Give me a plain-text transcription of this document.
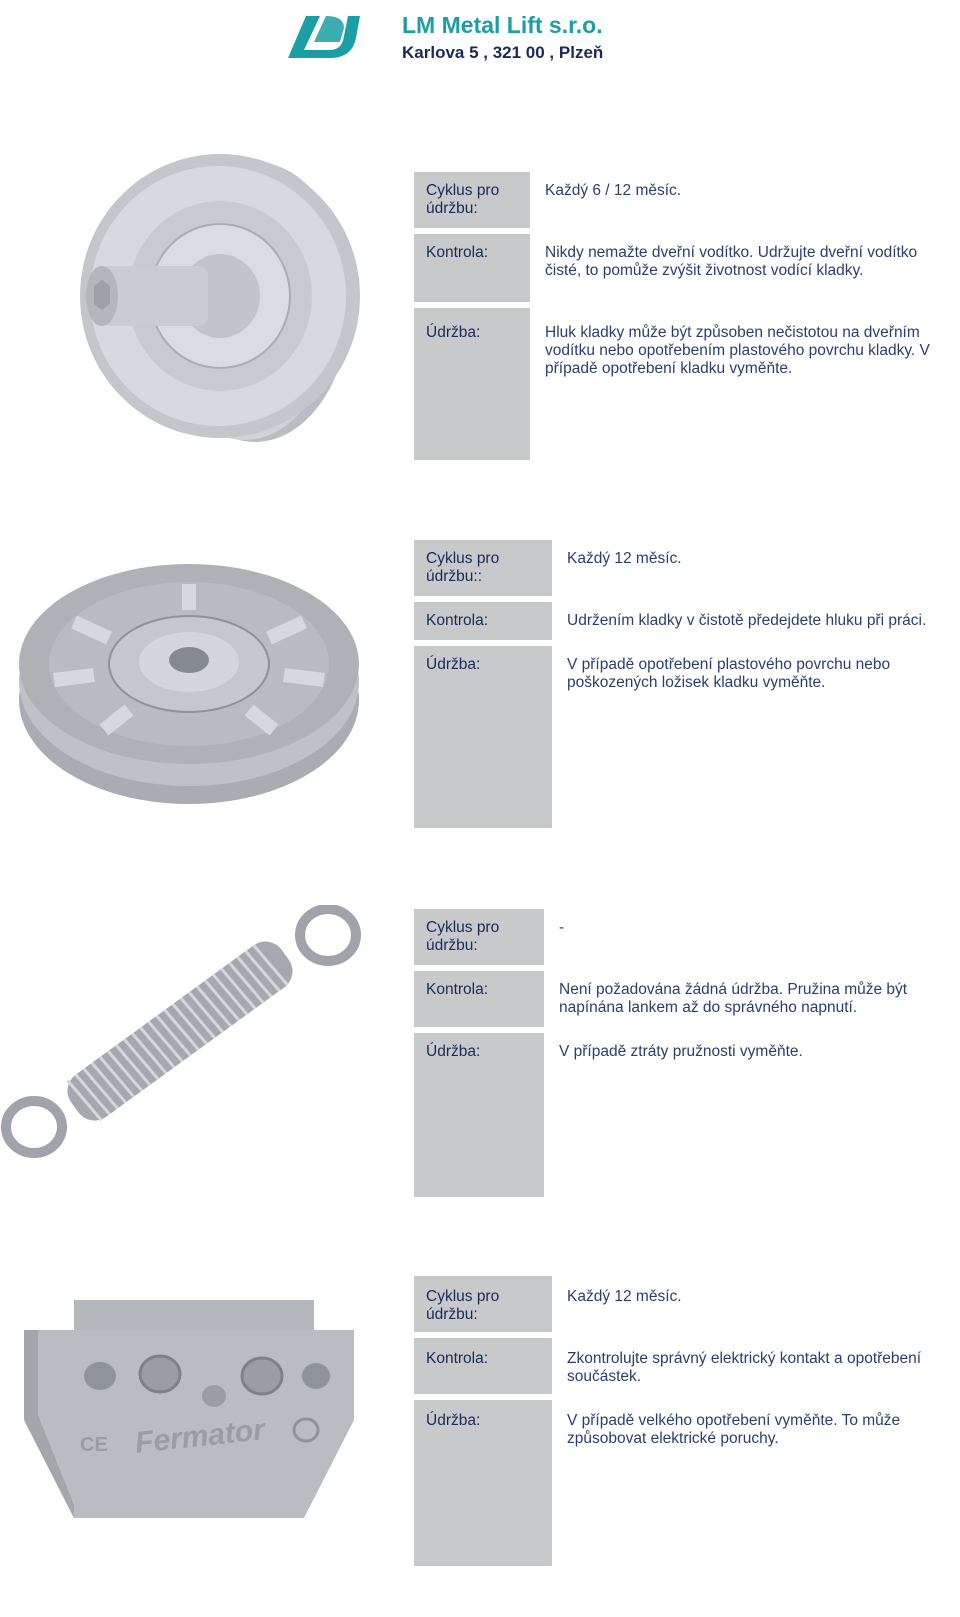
LM Metal Lift s.r.o.
Karlova 5 , 321 00 , Plzeň
Cyklus pro údržbu:
Kontrola:
Údržba:
Každý 6 / 12 měsíc.
Nikdy nemažte dveřní vodítko. Udržujte dveřní vodítko čisté, to pomůže zvýšit životnost vodící kladky.
Hluk kladky může být způsoben nečistotou na dveřním vodítku nebo opotřebením plastového povrchu kladky. V případě opotřebení kladku vyměňte.
Cyklus pro údržbu::
Kontrola:
Údržba:
Každý 12 měsíc.
Udržením kladky v čistotě předejdete hluku při práci.
V případě opotřebení plastového povrchu nebo poškozených ložisek kladku vyměňte.
Cyklus pro údržbu:
Kontrola:
Údržba:
-
Není požadována žádná údržba. Pružina může být napínána lankem až do správného napnutí.
V případě ztráty pružnosti vyměňte.
Fermator
CE
Cyklus pro údržbu:
Kontrola:
Údržba:
Každý 12 měsíc.
Zkontrolujte správný elektrický kontakt a opotřebení součástek.
V případě velkého opotřebení vyměňte. To může způsobovat elektrické poruchy.
